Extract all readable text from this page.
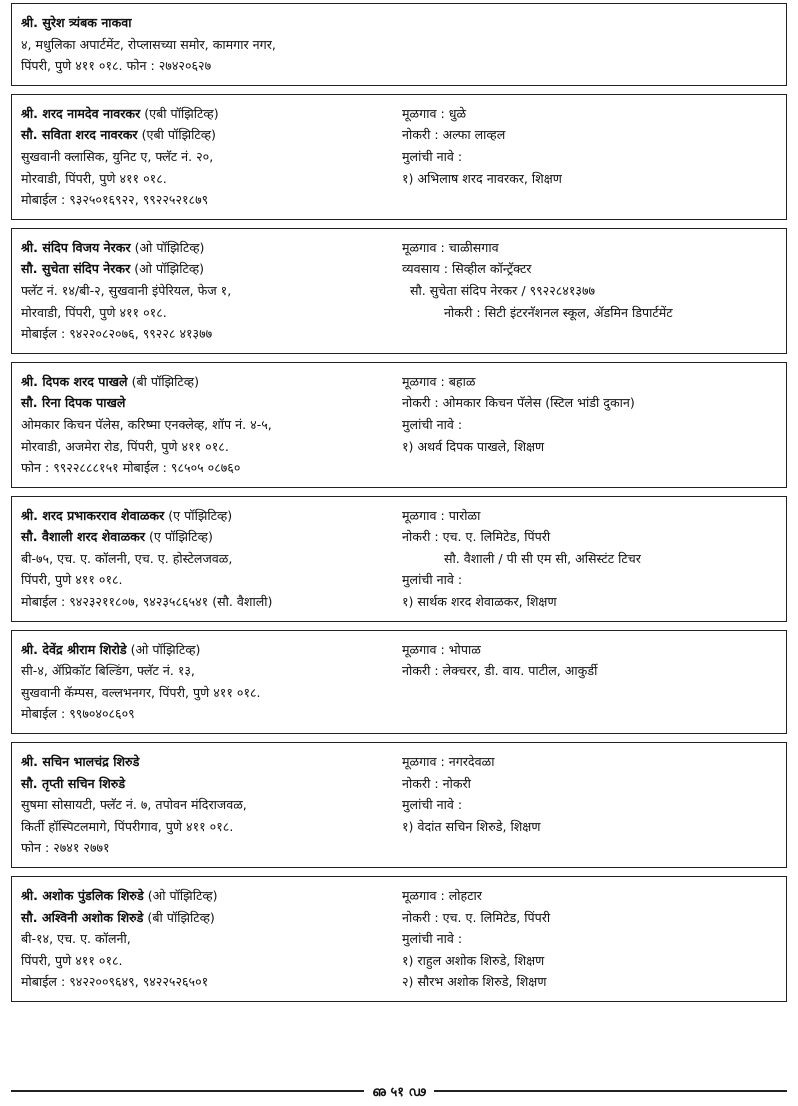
श्री. सुरेश त्र्यंबक नाकवा
४, मधुलिका अपार्टमेंट, रोप्लासच्या समोर, कामगार नगर,
पिंपरी, पुणे ४११ ०१८. फोन : २७४२०६२७
श्री. शरद नामदेव नावरकर (एबी पॉझिटिव्ह)
सौ. सविता शरद नावरकर (एबी पॉझिटिव्ह)
सुखवानी क्लासिक, युनिट ए, फ्लॅट नं. २०,
मोरवाडी, पिंपरी, पुणे ४११ ०१८.
मोबाईल : ९३२५०१६९२२, ९९२२५२१८७९
मूळगाव : धुळे
नोकरी : अल्फा लाव्हल
मुलांची नावे :
१) अभिलाष शरद नावरकर, शिक्षण
श्री. संदिप विजय नेरकर (ओ पॉझिटिव्ह)
सौ. सुचेता संदिप नेरकर (ओ पॉझिटिव्ह)
फ्लॅट नं. १४/बी-२, सुखवानी इंपेरियल, फेज १,
मोरवाडी, पिंपरी, पुणे ४११ ०१८.
मोबाईल : ९४२२०८२०७६, ९९२२८ ४१३७७
मूळगाव : चाळीसगाव
व्यवसाय : सिव्हील कॉन्ट्रॅक्टर
सौ. सुचेता संदिप नेरकर / ९९२२८४१३७७
नोकरी : सिटी इंटरनॅशनल स्कूल, ॲडमिन डिपार्टमेंट
श्री. दिपक शरद पाखले (बी पॉझिटिव्ह)
सौ. रिना दिपक पाखले
ओमकार किचन पॅलेस, करिष्मा एनक्लेव्ह, शॉप नं. ४-५,
मोरवाडी, अजमेरा रोड, पिंपरी, पुणे ४११ ०१८.
फोन : ९९२२८८८१५१ मोबाईल : ९८५०५ ०८७६०
मूळगाव : बहाळ
नोकरी : ओमकार किचन पॅलेस (स्टिल भांडी दुकान)
मुलांची नावे :
१) अथर्व दिपक पाखले, शिक्षण
श्री. शरद प्रभाकरराव शेवाळकर (ए पॉझिटिव्ह)
सौ. वैशाली शरद शेवाळकर (ए पॉझिटिव्ह)
बी-७५, एच. ए. कॉलनी, एच. ए. होस्टेलजवळ,
पिंपरी, पुणे ४११ ०१८.
मोबाईल : ९४२३२११८०७, ९४२३५८६५४१ (सौ. वैशाली)
मूळगाव : पारोळा
नोकरी : एच. ए. लिमिटेड, पिंपरी
सौ. वैशाली / पी सी एम सी, असिस्टंट टिचर
मुलांची नावे :
१) सार्थक शरद शेवाळकर, शिक्षण
श्री. देवेंद्र श्रीराम शिरोडे (ओ पॉझिटिव्ह)
सी-४, ॲप्रिकॉट बिल्डिंग, फ्लॅट नं. १३,
सुखवानी कॅम्पस, वल्लभनगर, पिंपरी, पुणे ४११ ०१८.
मोबाईल : ९९७०४०८६०९
मूळगाव : भोपाळ
नोकरी : लेक्चरर, डी. वाय. पाटील, आकुर्डी
श्री. सचिन भालचंद्र शिरुडे
सौ. तृप्ती सचिन शिरुडे
सुषमा सोसायटी, फ्लॅट नं. ७, तपोवन मंदिराजवळ,
किर्ती हॉस्पिटलमागे, पिंपरीगाव, पुणे ४११ ०१८.
फोन : २७४१ २७७१
मूळगाव : नगरदेवळा
नोकरी : नोकरी
मुलांची नावे :
१) वेदांत सचिन शिरुडे, शिक्षण
श्री. अशोक पुंडलिक शिरुडे (ओ पॉझिटिव्ह)
सौ. अश्विनी अशोक शिरुडे (बी पॉझिटिव्ह)
बी-१४, एच. ए. कॉलनी,
पिंपरी, पुणे ४११ ०१८.
मोबाईल : ९४२२००९६४९, ९४२२५२६५०१
मूळगाव : लोहटार
नोकरी : एच. ए. लिमिटेड, पिंपरी
मुलांची नावे :
१) राहुल अशोक शिरुडे, शिक्षण
२) सौरभ अशोक शिरुडे, शिक्षण
ഌ ५१ ഢ
